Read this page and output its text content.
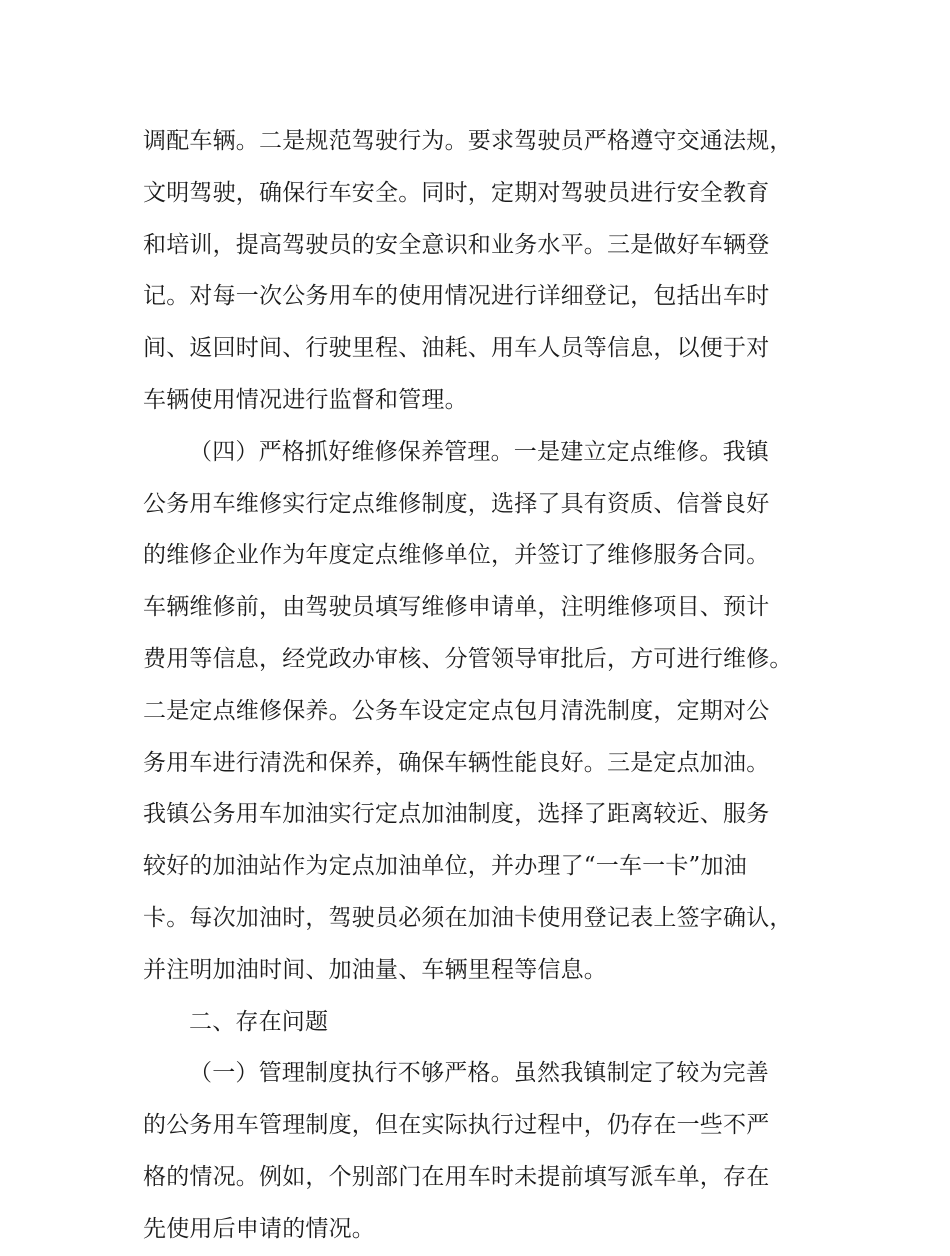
调配车辆。二是规范驾驶行为。要求驾驶员严格遵守交通法规，
文明驾驶，确保行车安全。同时，定期对驾驶员进行安全教育
和培训，提高驾驶员的安全意识和业务水平。三是做好车辆登
记。对每一次公务用车的使用情况进行详细登记，包括出车时
间、返回时间、行驶里程、油耗、用车人员等信息，以便于对
车辆使用情况进行监督和管理。
（四）严格抓好维修保养管理。一是建立定点维修。我镇
公务用车维修实行定点维修制度，选择了具有资质、信誉良好
的维修企业作为年度定点维修单位，并签订了维修服务合同。
车辆维修前，由驾驶员填写维修申请单，注明维修项目、预计
费用等信息，经党政办审核、分管领导审批后，方可进行维修。
二是定点维修保养。公务车设定定点包月清洗制度，定期对公
务用车进行清洗和保养，确保车辆性能良好。三是定点加油。
我镇公务用车加油实行定点加油制度，选择了距离较近、服务
较好的加油站作为定点加油单位，并办理了“一车一卡”加油
卡。每次加油时，驾驶员必须在加油卡使用登记表上签字确认，
并注明加油时间、加油量、车辆里程等信息。
二、存在问题
（一）管理制度执行不够严格。虽然我镇制定了较为完善
的公务用车管理制度，但在实际执行过程中，仍存在一些不严
格的情况。例如，个别部门在用车时未提前填写派车单，存在
先使用后申请的情况。
